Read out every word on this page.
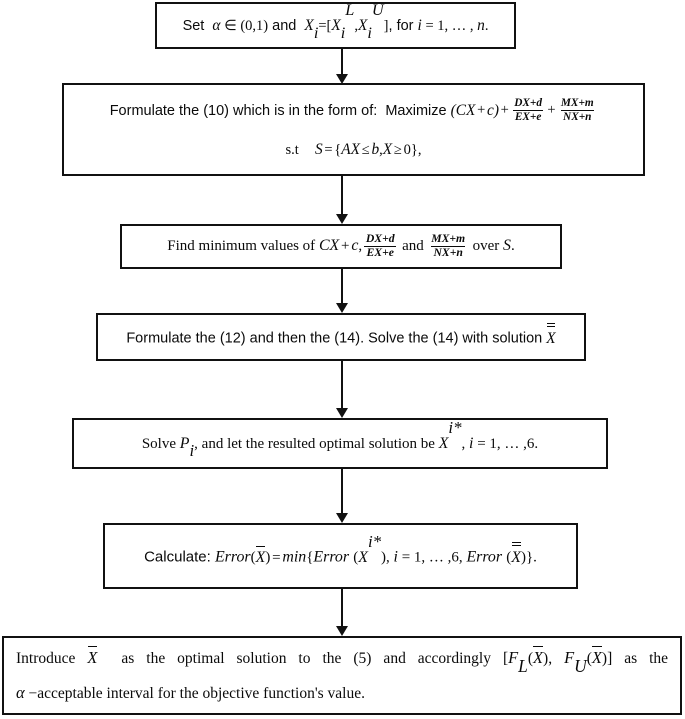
Set α ∈ (0,1) and $X_i=[X_i^L,X_i^U]$, for i = 1, … , n.
Formulate the (10) which is in the form of: Maximize $(CX + c) + \frac{DX+d}{EX+e} + \frac{MX+m}{NX+n}$
s.t S = {AX ≤ b,X ≥ 0},
Find minimum values of CX + c, $\frac{DX+d}{EX+e}$ and $\frac{MX+m}{NX+n}$ over S.
Formulate the (12) and then the (14). Solve the (14) with solution X
Solve $P_i$, and let the resulted optimal solution be $X^{i*}$, i = 1, … ,6.
Calculate: Error(X) = min{Error $(X^{i*})$, i = 1, … ,6, Error (X)}.
Introduce X as the optimal solution to the (5) and accordingly [$F_L(X)$, $F_U(X)$] as the
α −acceptable interval for the objective function's value.
